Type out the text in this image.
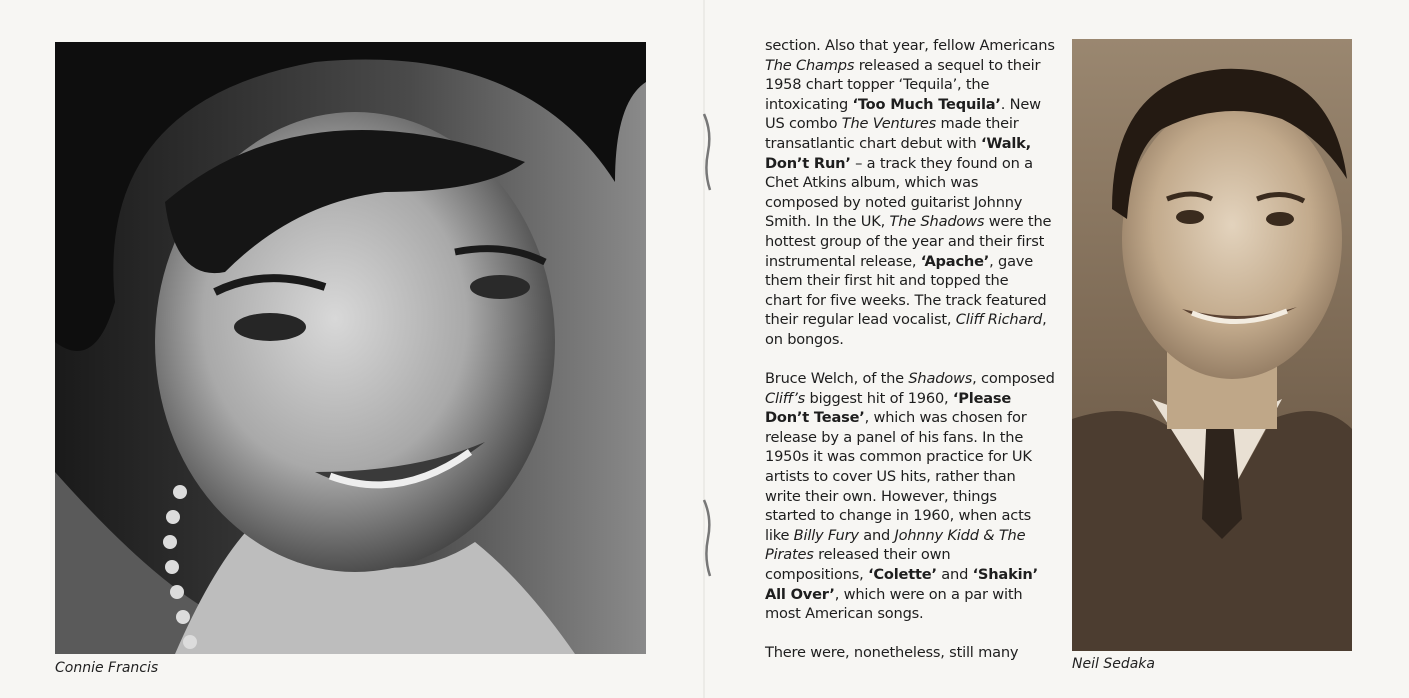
Connie Francis

section. Also that year, fellow Americans
The Champs released a sequel to their
1958 chart topper ‘Tequila’, the
intoxicating ‘Too Much Tequila’. New
US combo The Ventures made their
transatlantic chart debut with ‘Walk,
Don’t Run’ – a track they found on a
Chet Atkins album, which was
composed by noted guitarist Johnny
Smith. In the UK, The Shadows were the
hottest group of the year and their first
instrumental release, ‘Apache’, gave
them their first hit and topped the
chart for five weeks. The track featured
their regular lead vocalist, Cliff Richard,
on bongos.

Bruce Welch, of the Shadows, composed
Cliff’s biggest hit of 1960, ‘Please
Don’t Tease’, which was chosen for
release by a panel of his fans. In the
1950s it was common practice for UK
artists to cover US hits, rather than
write their own. However, things
started to change in 1960, when acts
like Billy Fury and Johnny Kidd & The
Pirates released their own
compositions, ‘Colette’ and ‘Shakin’
All Over’, which were on a par with
most American songs.

There were, nonetheless, still many

Neil Sedaka
